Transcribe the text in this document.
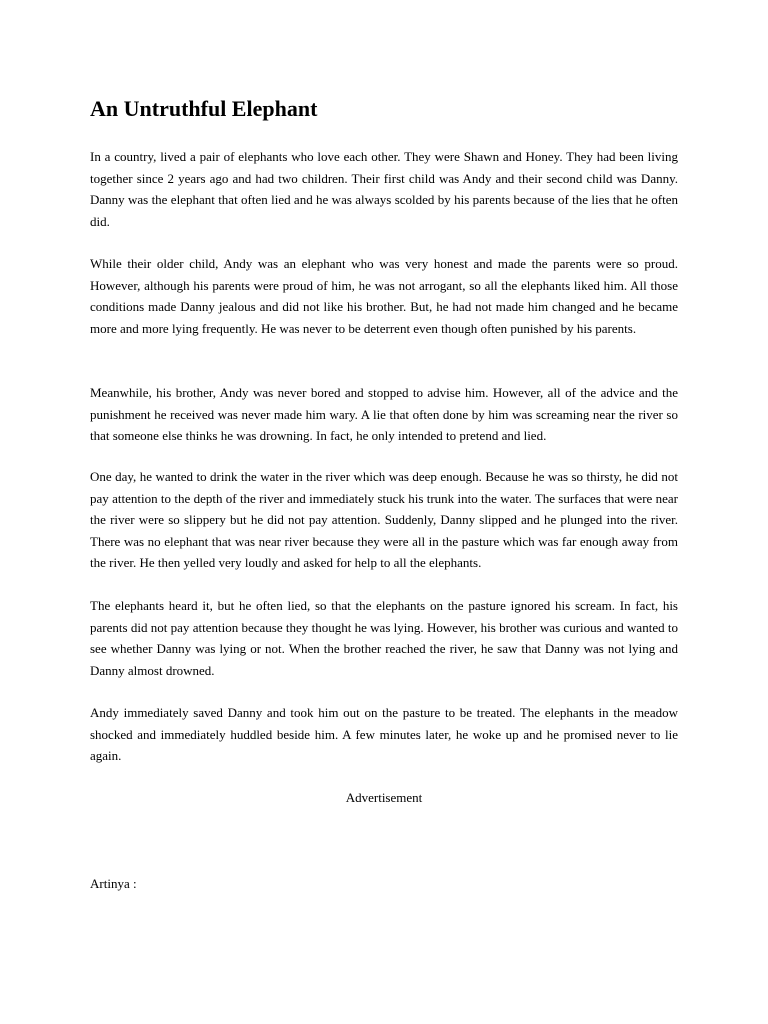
An Untruthful Elephant

In a country, lived a pair of elephants who love each other. They were Shawn and Honey. They had been living together since 2 years ago and had two children. Their first child was Andy and their second child was Danny. Danny was the elephant that often lied and he was always scolded by his parents because of the lies that he often did.

While their older child, Andy was an elephant who was very honest and made the parents were so proud. However, although his parents were proud of him, he was not arrogant, so all the elephants liked him. All those conditions made Danny jealous and did not like his brother. But, he had not made him changed and he became more and more lying frequently. He was never to be deterrent even though often punished by his parents.

Meanwhile, his brother, Andy was never bored and stopped to advise him. However, all of the advice and the punishment he received was never made him wary. A lie that often done by him was screaming near the river so that someone else thinks he was drowning. In fact, he only intended to pretend and lied.

One day, he wanted to drink the water in the river which was deep enough. Because he was so thirsty, he did not pay attention to the depth of the river and immediately stuck his trunk into the water. The surfaces that were near the river were so slippery but he did not pay attention. Suddenly, Danny slipped and he plunged into the river. There was no elephant that was near river because they were all in the pasture which was far enough away from the river. He then yelled very loudly and asked for help to all the elephants.

The elephants heard it, but he often lied, so that the elephants on the pasture ignored his scream. In fact, his parents did not pay attention because they thought he was lying. However, his brother was curious and wanted to see whether Danny was lying or not. When the brother reached the river, he saw that Danny was not lying and Danny almost drowned.

Andy immediately saved Danny and took him out on the pasture to be treated. The elephants in the meadow shocked and immediately huddled beside him. A few minutes later, he woke up and he promised never to lie again.

Advertisement

Artinya :
